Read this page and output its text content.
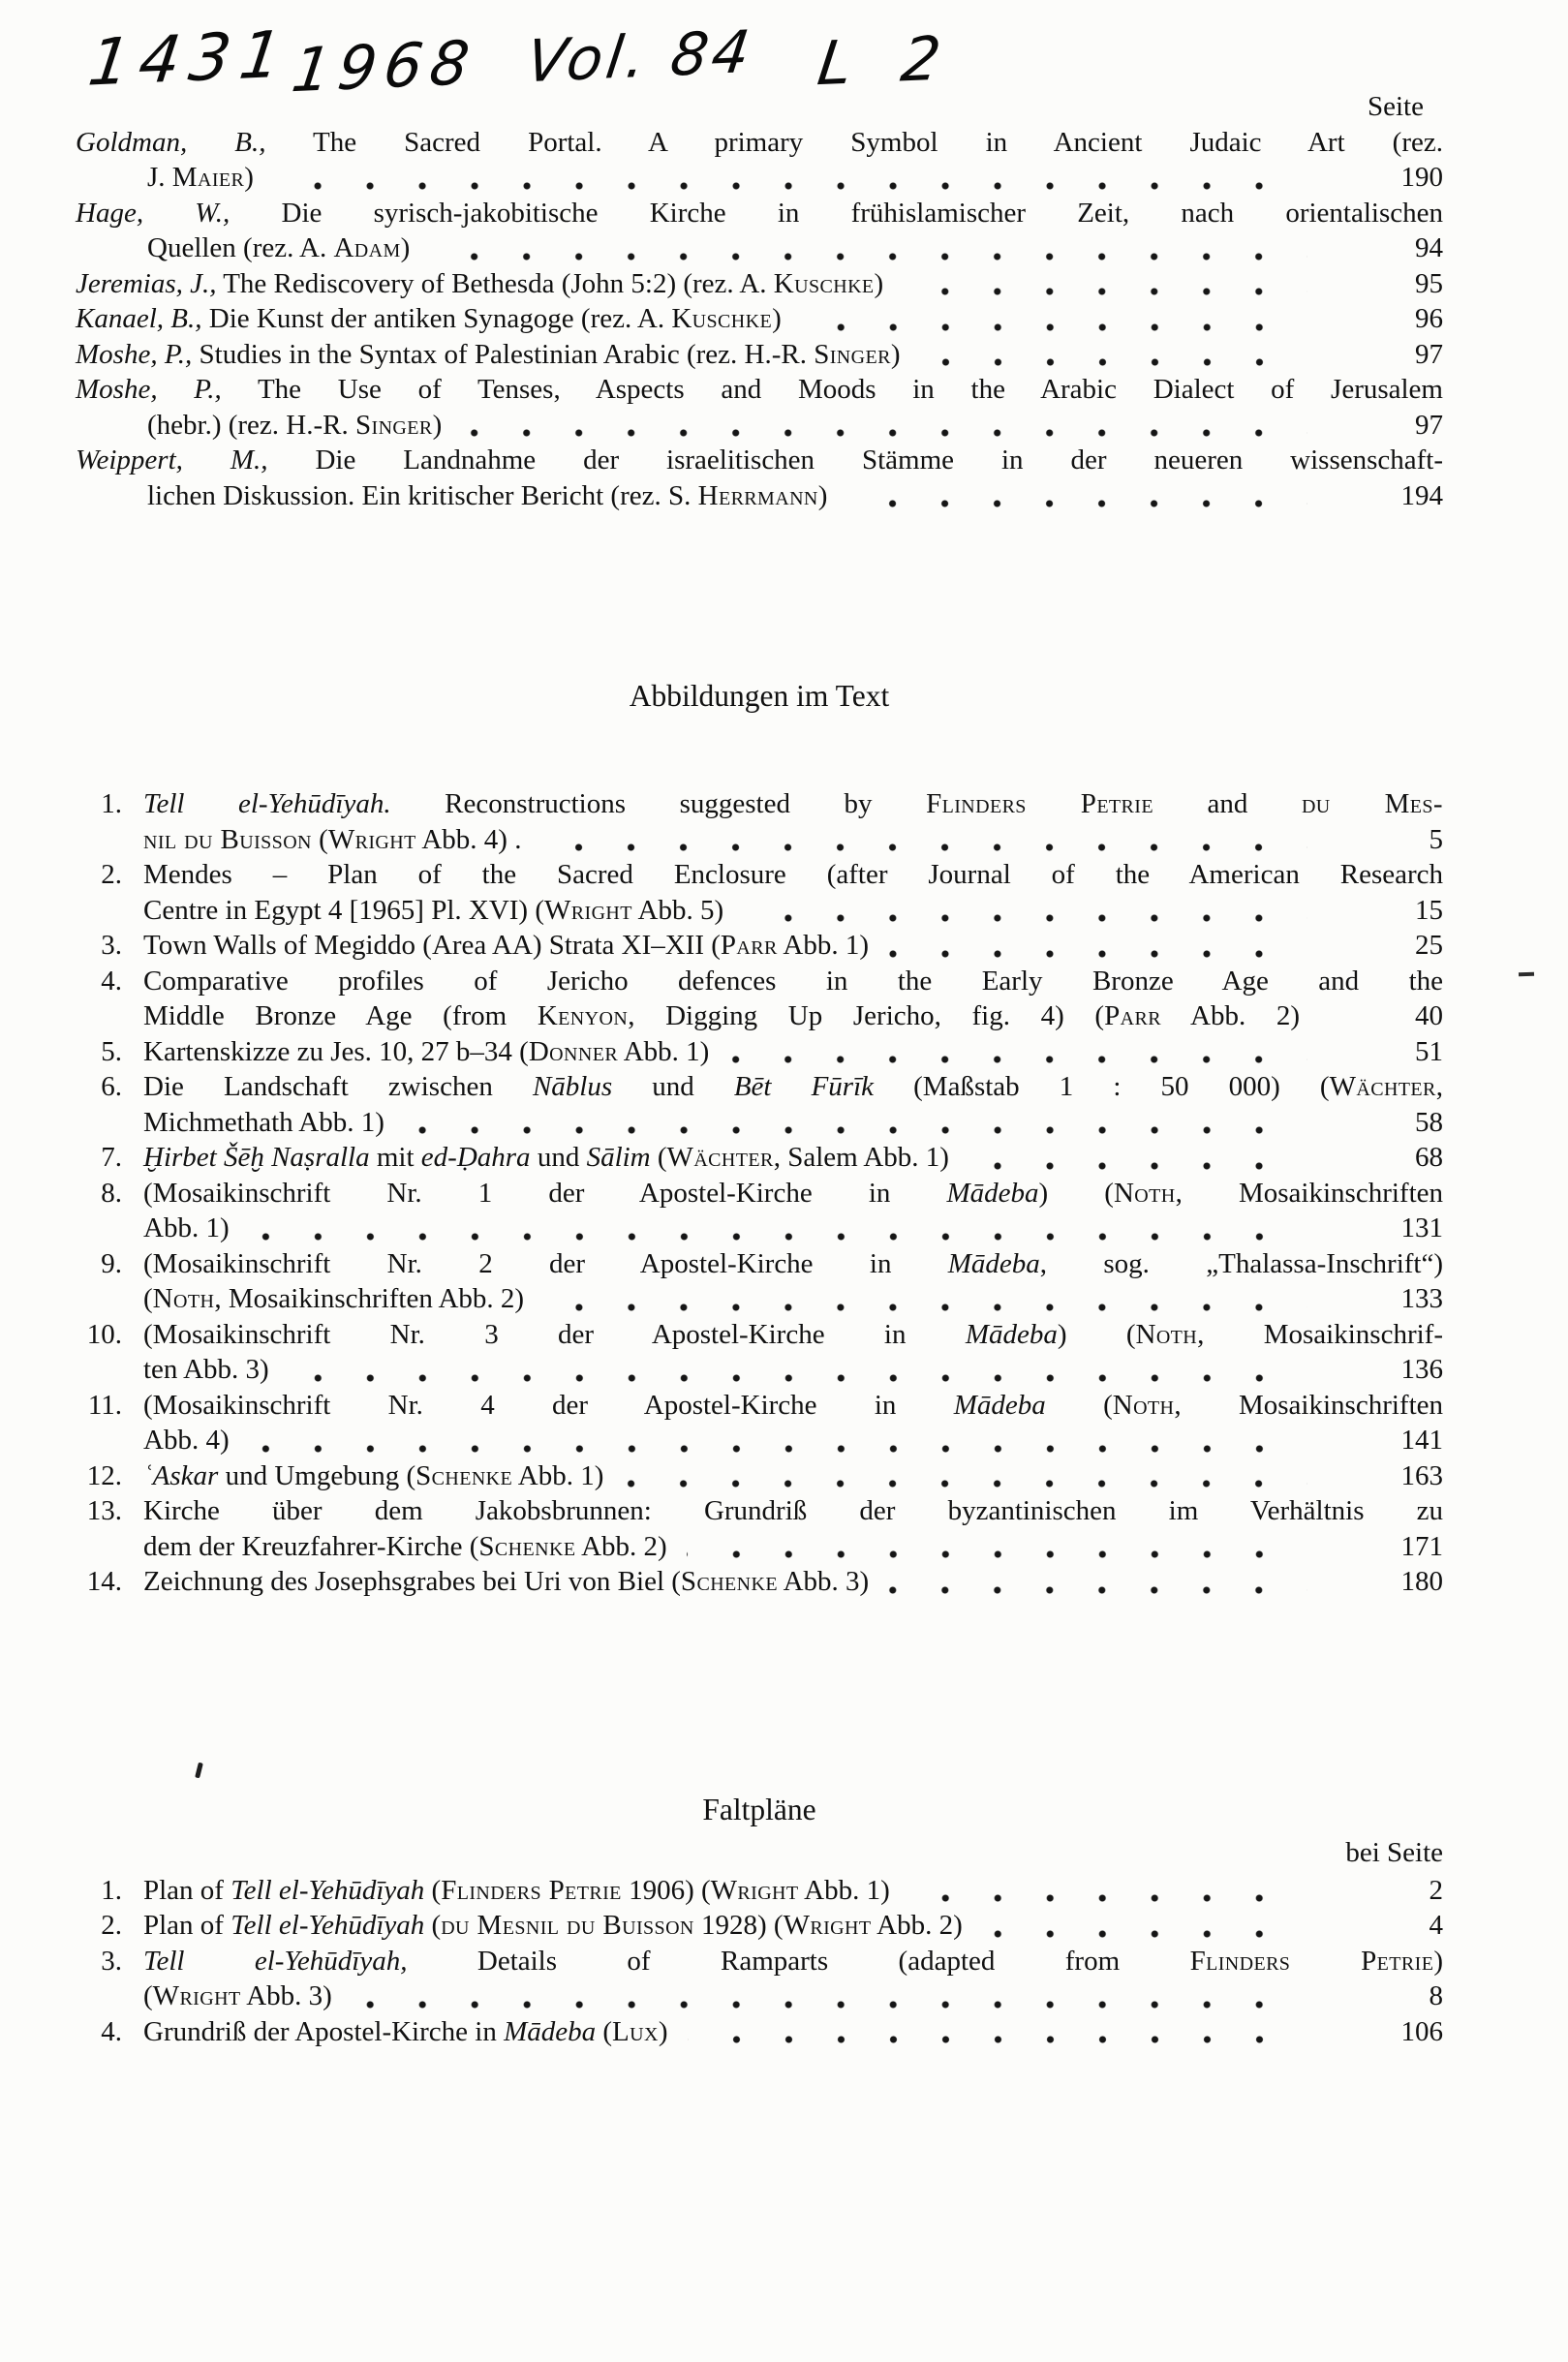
1431
1968 Vol. 84 L 2
Seite
Goldman, B., The Sacred Portal. A primary Symbol in Ancient Judaic Art (rez.
J. Maier)	190
Hage, W., Die syrisch-jakobitische Kirche in frühislamischer Zeit, nach orientalischen
Quellen (rez. A. Adam)	94
Jeremias, J., The Rediscovery of Bethesda (John 5:2) (rez. A. Kuschke)	95
Kanael, B., Die Kunst der antiken Synagoge (rez. A. Kuschke)	96
Moshe, P., Studies in the Syntax of Palestinian Arabic (rez. H.-R. Singer)	97
Moshe, P., The Use of Tenses, Aspects and Moods in the Arabic Dialect of Jerusalem
(hebr.) (rez. H.-R. Singer)	97
Weippert, M., Die Landnahme der israelitischen Stämme in der neueren wissenschaft-
lichen Diskussion. Ein kritischer Bericht (rez. S. Herrmann)	194
Abbildungen im Text
1. Tell el-Yehūdīyah. Reconstructions suggested by Flinders Petrie and du Mes-
nil du Buisson (Wright Abb. 4) .	5
2. Mendes – Plan of the Sacred Enclosure (after Journal of the American Research
Centre in Egypt 4 [1965] Pl. XVI) (Wright Abb. 5)	15
3. Town Walls of Megiddo (Area AA) Strata XI–XII (Parr Abb. 1)	25
4. Comparative profiles of Jericho defences in the Early Bronze Age and the
Middle Bronze Age (from Kenyon, Digging Up Jericho, fig. 4) (Parr Abb. 2)	40
5. Kartenskizze zu Jes. 10, 27 b–34 (Donner Abb. 1)	51
6. Die Landschaft zwischen Nāblus und Bēt Fūrīk (Maßstab 1 : 50 000) (Wächter,
Michmethath Abb. 1)	58
7. Ḫirbet Šēḫ Naṣralla mit ed-Ḍahra und Sālim (Wächter, Salem Abb. 1)	68
8. (Mosaikinschrift Nr. 1 der Apostel-Kirche in Mādeba) (Noth, Mosaikinschriften
Abb. 1)	131
9. (Mosaikinschrift Nr. 2 der Apostel-Kirche in Mādeba, sog. „Thalassa-Inschrift“)
(Noth, Mosaikinschriften Abb. 2)	133
10. (Mosaikinschrift Nr. 3 der Apostel-Kirche in Mādeba) (Noth, Mosaikinschrif-
ten Abb. 3)	136
11. (Mosaikinschrift Nr. 4 der Apostel-Kirche in Mādeba (Noth, Mosaikinschriften
Abb. 4)	141
12. ʿAskar und Umgebung (Schenke Abb. 1)	163
13. Kirche über dem Jakobsbrunnen: Grundriß der byzantinischen im Verhältnis zu
dem der Kreuzfahrer-Kirche (Schenke Abb. 2)	171
14. Zeichnung des Josephsgrabes bei Uri von Biel (Schenke Abb. 3)	180
Faltpläne
bei Seite
1. Plan of Tell el-Yehūdīyah (Flinders Petrie 1906) (Wright Abb. 1)	2
2. Plan of Tell el-Yehūdīyah (du Mesnil du Buisson 1928) (Wright Abb. 2)	4
3. Tell el-Yehūdīyah, Details of Ramparts (adapted from Flinders Petrie)
(Wright Abb. 3)	8
4. Grundriß der Apostel-Kirche in Mādeba (Lux)	106
